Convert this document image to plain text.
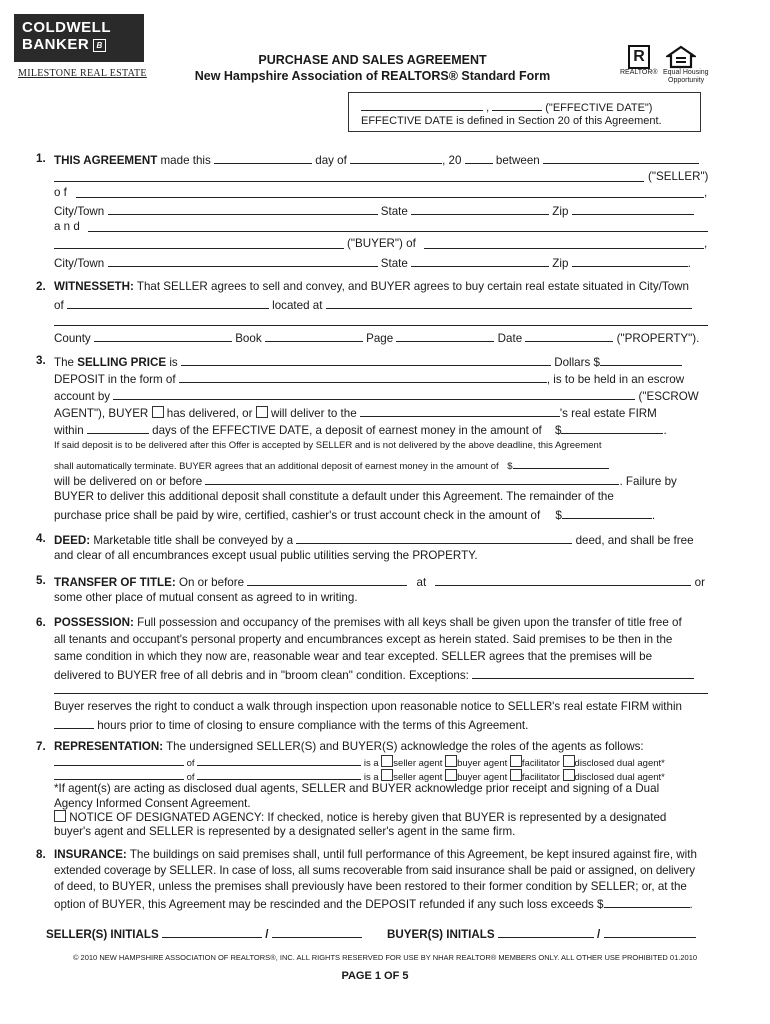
COLDWELL
BANKER B
MILESTONE REAL ESTATE
PURCHASE AND SALES AGREEMENT
New Hampshire Association of REALTORS® Standard Form
R
REALTOR® Equal Housing
Opportunity
,	("EFFECTIVE DATE")
EFFECTIVE DATE is defined in Section 20 of this Agreement.
1. THIS AGREEMENT made this	day of	, 20	between
("SELLER")
o f	,
City/Town	State	Zip
a n d
("BUYER") of	,
City/Town	State	Zip	.
2. WITNESSETH: That SELLER agrees to sell and convey, and BUYER agrees to buy certain real estate situated in City/Town
of	located at
County	Book	Page	Date	("PROPERTY").
3. The SELLING PRICE is	Dollars $
DEPOSIT in the form of	, is to be held in an escrow
account by	("ESCROW
AGENT"), BUYER has delivered, or will deliver to the	's real estate FIRM
within	days of the EFFECTIVE DATE, a deposit of earnest money in the amount of $	.
If said deposit is to be delivered after this Offer is accepted by SELLER and is not delivered by the above deadline, this Agreement
shall automatically terminate. BUYER agrees that an additional deposit of earnest money in the amount of $
will be delivered on or before	. Failure by
BUYER to deliver this additional deposit shall constitute a default under this Agreement. The remainder of the
purchase price shall be paid by wire, certified, cashier's or trust account check in the amount of $	.
4. DEED: Marketable title shall be conveyed by a	deed, and shall be free
and clear of all encumbrances except usual public utilities serving the PROPERTY.
5. TRANSFER OF TITLE: On or before	at	or
some other place of mutual consent as agreed to in writing.
6. POSSESSION: Full possession and occupancy of the premises with all keys shall be given upon the transfer of title free of
all tenants and occupant's personal property and encumbrances except as herein stated. Said premises to be then in the
same condition in which they now are, reasonable wear and tear excepted. SELLER agrees that the premises will be
delivered to BUYER free of all debris and in "broom clean" condition. Exceptions:
Buyer reserves the right to conduct a walk through inspection upon reasonable notice to SELLER's real estate FIRM within
hours prior to time of closing to ensure compliance with the terms of this Agreement.
7. REPRESENTATION: The undersigned SELLER(S) and BUYER(S) acknowledge the roles of the agents as follows:
of	is a seller agent buyer agent facilitator disclosed dual agent*
of	is a seller agent buyer agent facilitator disclosed dual agent*
*If agent(s) are acting as disclosed dual agents, SELLER and BUYER acknowledge prior receipt and signing of a Dual
Agency Informed Consent Agreement.
NOTICE OF DESIGNATED AGENCY: If checked, notice is hereby given that BUYER is represented by a designated
buyer's agent and SELLER is represented by a designated seller's agent in the same firm.
8. INSURANCE: The buildings on said premises shall, until full performance of this Agreement, be kept insured against fire, with
extended coverage by SELLER. In case of loss, all sums recoverable from said insurance shall be paid or assigned, on delivery
of deed, to BUYER, unless the premises shall previously have been restored to their former condition by SELLER; or, at the
option of BUYER, this Agreement may be rescinded and the DEPOSIT refunded if any such loss exceeds $	.
SELLER(S) INITIALS	/	BUYER(S) INITIALS	/
© 2010 NEW HAMPSHIRE ASSOCIATION OF REALTORS®, INC. ALL RIGHTS RESERVED FOR USE BY NHAR REALTOR® MEMBERS ONLY. ALL OTHER USE PROHIBITED 01.2010
PAGE 1 OF 5
